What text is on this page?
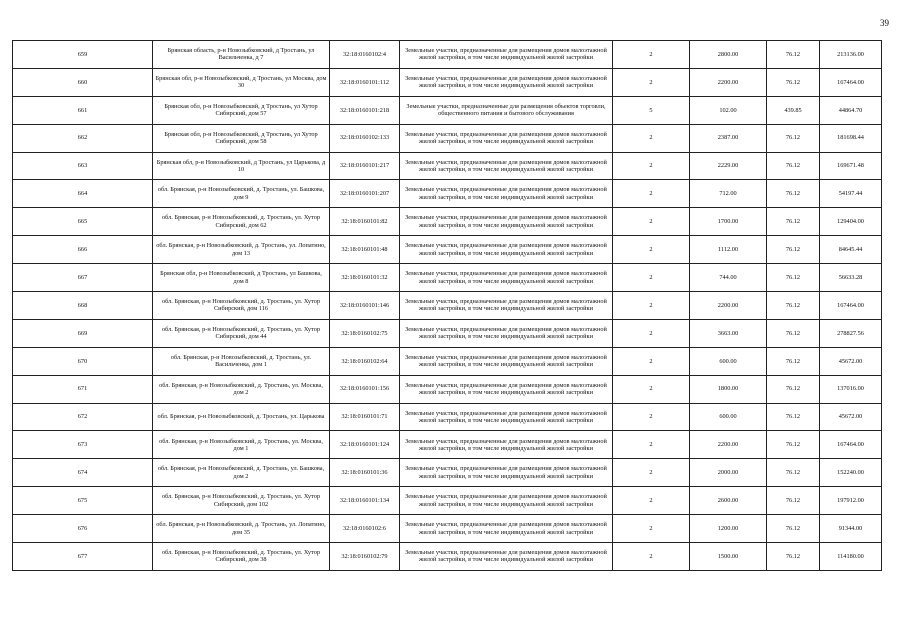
39
659	Брянская область, р-н Новозыбковский, д Тростань, ул Васильченка, д 7	32:18:0160102:4	Земельные участки, предназначенные для размещения домов малоэтажной жилой застройки, в том числе индивидуальной жилой застройки	2	2800.00	76.12	213136.00
660	Брянская обл, р-н Новозыбковский, д Тростань, ул Москва, дом 30	32:18:0160101:112	Земельные участки, предназначенные для размещения домов малоэтажной жилой застройки, в том числе индивидуальной жилой застройки	2	2200.00	76.12	167464.00
661	Брянская обл, р-н Новозыбковский, д Тростань, ул Хутор Сибирский, дом 57	32:18:0160101:218	Земельные участки, предназначенные для размещения объектов торговли, общественного питания и бытового обслуживания	5	102.00	439.85	44864.70
662	Брянская обл, р-н Новозыбковский, д Тростань, ул Хутор Сибирский, дом 58	32:18:0160102:133	Земельные участки, предназначенные для размещения домов малоэтажной жилой застройки, в том числе индивидуальной жилой застройки	2	2387.00	76.12	181698.44
663	Брянская обл, р-н Новозыбковский, д Тростань, ул Царькова, д 10	32:18:0160101:217	Земельные участки, предназначенные для размещения домов малоэтажной жилой застройки, в том числе индивидуальной жилой застройки	2	2229.00	76.12	169671.48
664	обл. Брянская, р-н Новозыбковский, д. Тростань, ул. Башкова, дом 9	32:18:0160101:207	Земельные участки, предназначенные для размещения домов малоэтажной жилой застройки, в том числе индивидуальной жилой застройки	2	712.00	76.12	54197.44
665	обл. Брянская, р-н Новозыбковский, д. Тростань, ул. Хутор Сибирский, дом 62	32:18:0160101:82	Земельные участки, предназначенные для размещения домов малоэтажной жилой застройки, в том числе индивидуальной жилой застройки	2	1700.00	76.12	129404.00
666	обл. Брянская, р-н Новозыбковский, д. Тростань, ул. Лопатино, дом 13	32:18:0160101:48	Земельные участки, предназначенные для размещения домов малоэтажной жилой застройки, в том числе индивидуальной жилой застройки	2	1112.00	76.12	84645.44
667	Брянская обл, р-н Новозыбковский, д Тростань, ул Башкова, дом 8	32:18:0160101:32	Земельные участки, предназначенные для размещения домов малоэтажной жилой застройки, в том числе индивидуальной жилой застройки	2	744.00	76.12	56633.28
668	обл. Брянская, р-н Новозыбковский, д. Тростань, ул. Хутор Сибирский, дом 116	32:18:0160101:146	Земельные участки, предназначенные для размещения домов малоэтажной жилой застройки, в том числе индивидуальной жилой застройки	2	2200.00	76.12	167464.00
669	обл. Брянская, р-н Новозыбковский, д. Тростань, ул. Хутор Сибирский, дом 44	32:18:0160102:75	Земельные участки, предназначенные для размещения домов малоэтажной жилой застройки, в том числе индивидуальной жилой застройки	2	3663.00	76.12	278827.56
670	обл. Брянская, р-н Новозыбковский, д. Тростань, ул. Васильченка, дом 1	32:18:0160102:64	Земельные участки, предназначенные для размещения домов малоэтажной жилой застройки, в том числе индивидуальной жилой застройки	2	600.00	76.12	45672.00
671	обл. Брянская, р-н Новозыбковский, д. Тростань, ул. Москва, дом 2	32:18:0160101:156	Земельные участки, предназначенные для размещения домов малоэтажной жилой застройки, в том числе индивидуальной жилой застройки	2	1800.00	76.12	137016.00
672	обл. Брянская, р-н Новозыбковский, д. Тростань, ул. Царькова	32:18:0160101:71	Земельные участки, предназначенные для размещения домов малоэтажной жилой застройки, в том числе индивидуальной жилой застройки	2	600.00	76.12	45672.00
673	обл. Брянская, р-н Новозыбковский, д. Тростань, ул. Москва, дом 1	32:18:0160101:124	Земельные участки, предназначенные для размещения домов малоэтажной жилой застройки, в том числе индивидуальной жилой застройки	2	2200.00	76.12	167464.00
674	обл. Брянская, р-н Новозыбковский, д. Тростань, ул. Башкова, дом 2	32:18:0160101:36	Земельные участки, предназначенные для размещения домов малоэтажной жилой застройки, в том числе индивидуальной жилой застройки	2	2000.00	76.12	152240.00
675	обл. Брянская, р-н Новозыбковский, д. Тростань, ул. Хутор Сибирский, дом 102	32:18:0160101:134	Земельные участки, предназначенные для размещения домов малоэтажной жилой застройки, в том числе индивидуальной жилой застройки	2	2600.00	76.12	197912.00
676	обл. Брянская, р-н Новозыбковский, д. Тростань, ул. Лопатино, дом 35	32:18:0160102:6	Земельные участки, предназначенные для размещения домов малоэтажной жилой застройки, в том числе индивидуальной жилой застройки	2	1200.00	76.12	91344.00
677	обл. Брянская, р-н Новозыбковский, д. Тростань, ул. Хутор Сибирский, дом 38	32:18:0160102:79	Земельные участки, предназначенные для размещения домов малоэтажной жилой застройки, в том числе индивидуальной жилой застройки	2	1500.00	76.12	114180.00
